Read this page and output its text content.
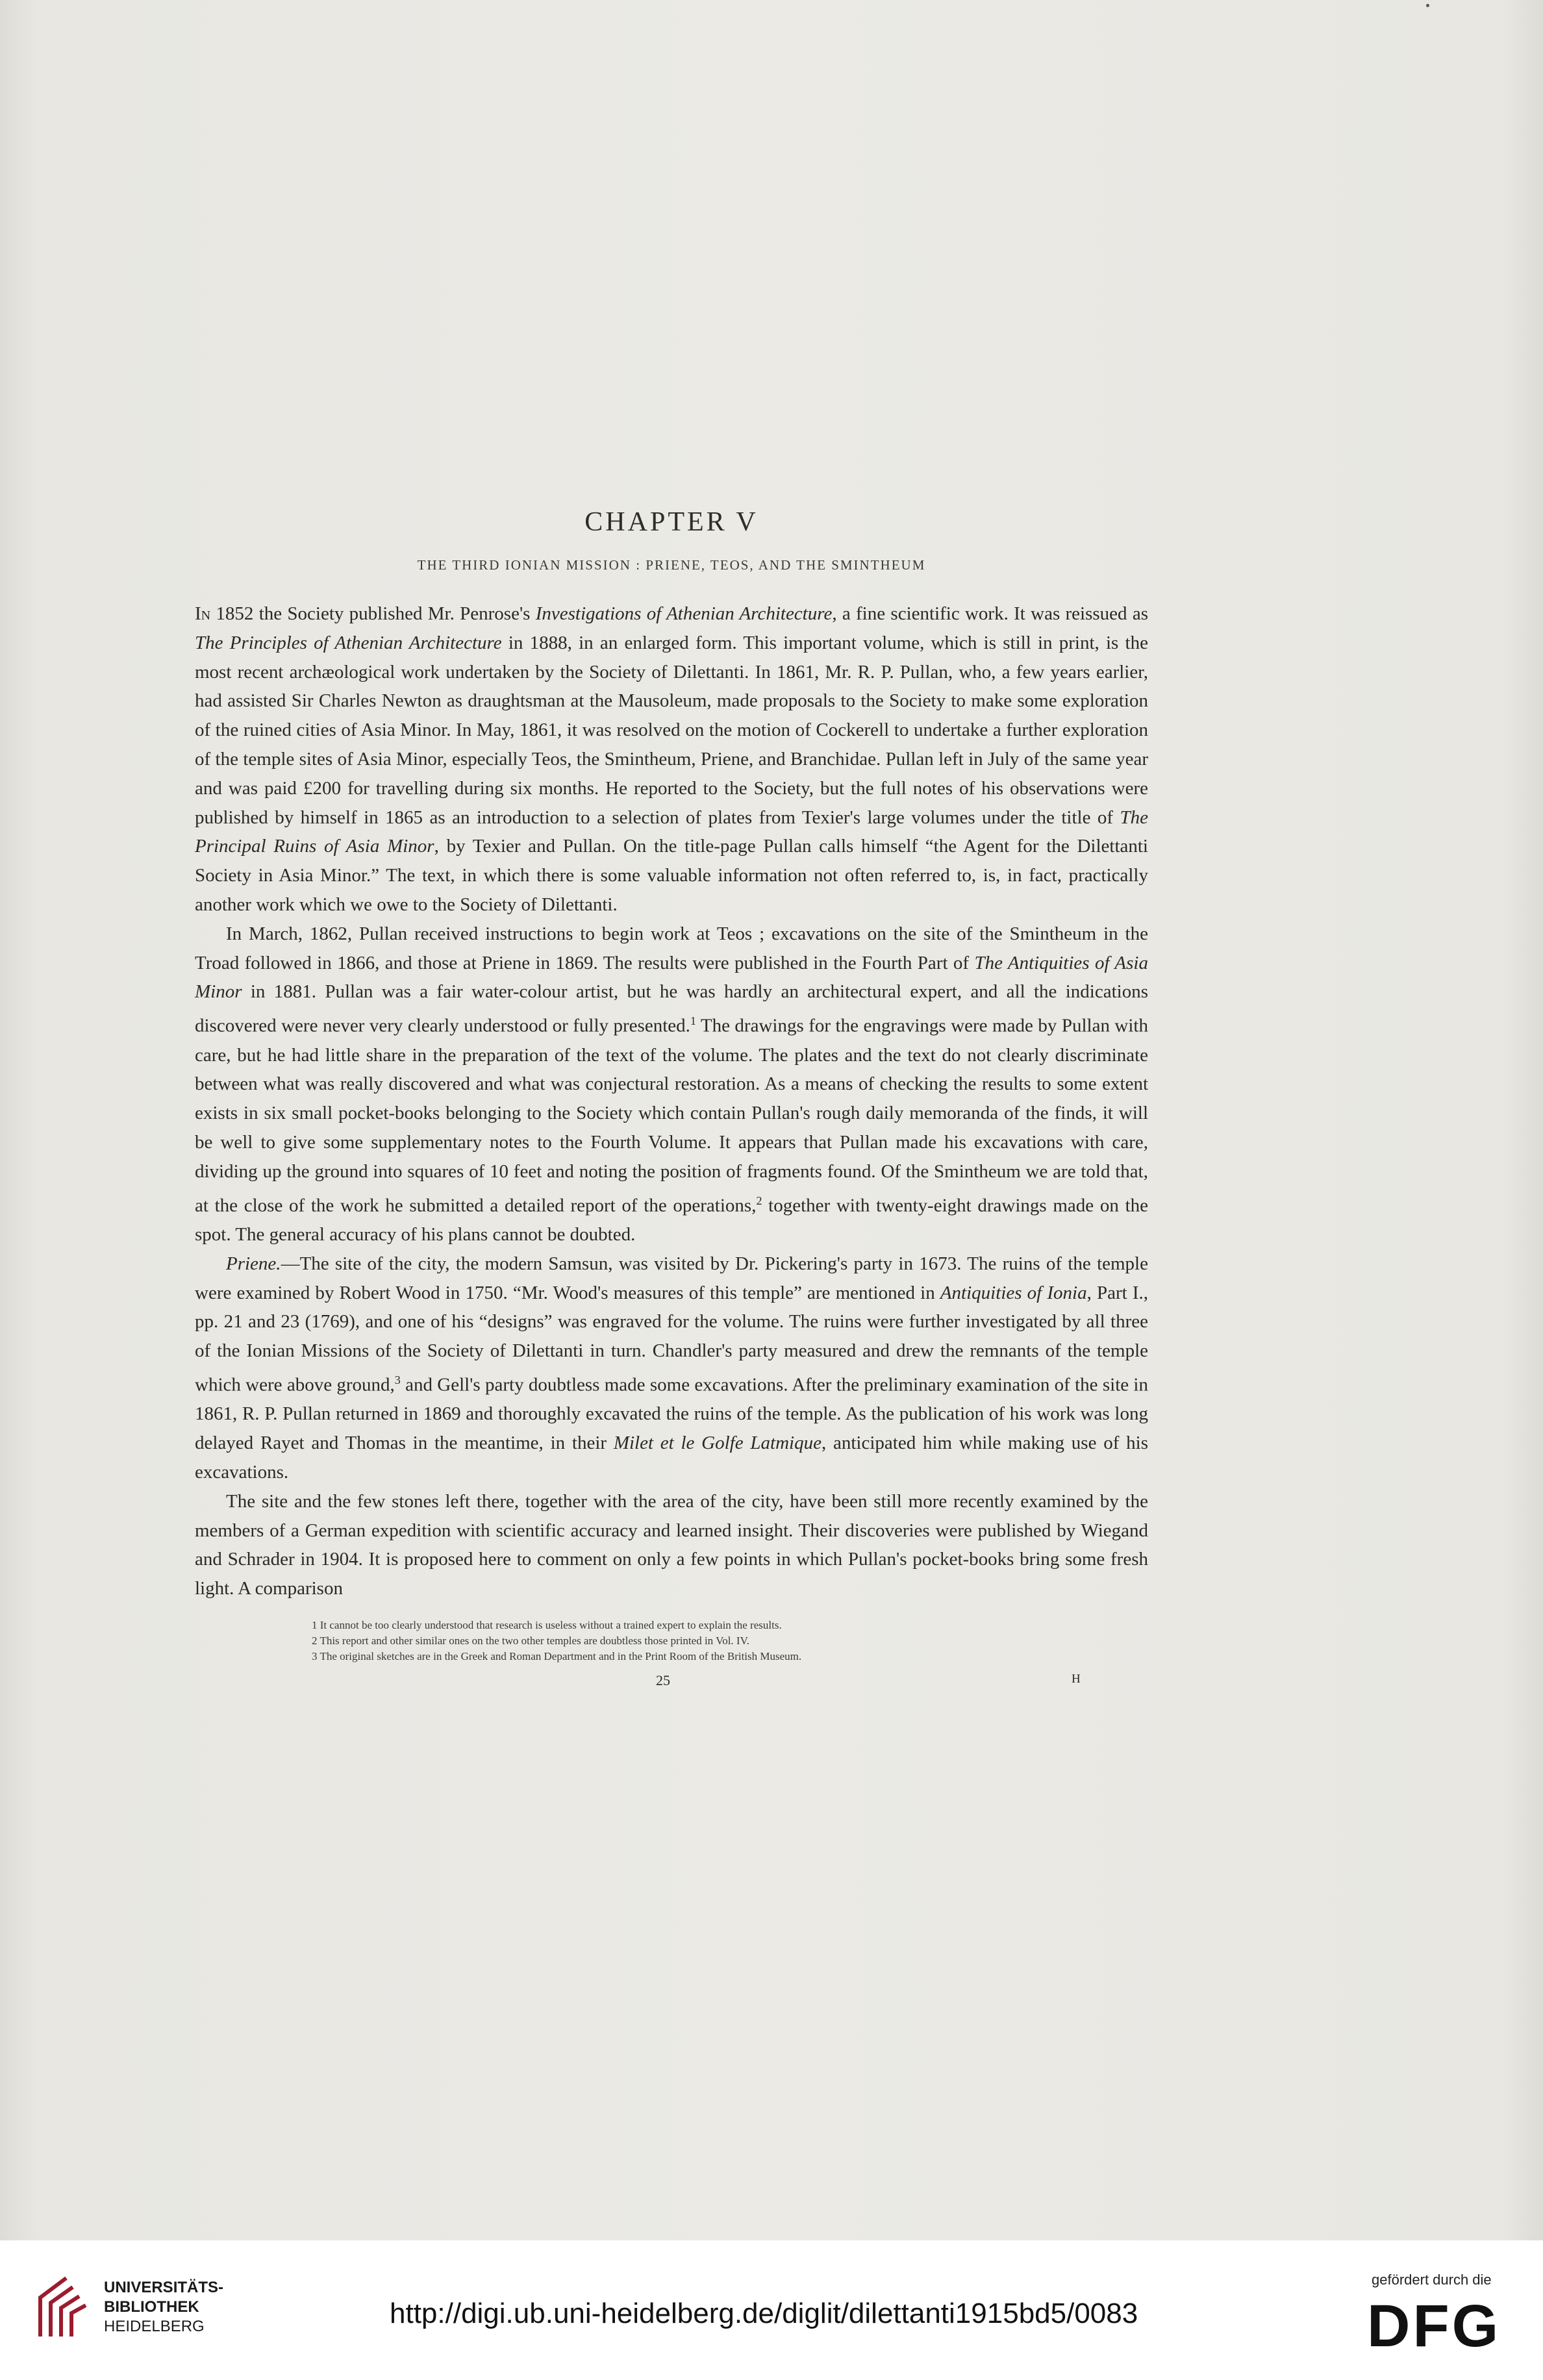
CHAPTER V
THE THIRD IONIAN MISSION : PRIENE, TEOS, AND THE SMINTHEUM

In 1852 the Society published Mr. Penrose's Investigations of Athenian Architecture, a fine scientific work. It was reissued as The Principles of Athenian Architecture in 1888, in an enlarged form. This important volume, which is still in print, is the most recent archæological work undertaken by the Society of Dilettanti. In 1861, Mr. R. P. Pullan, who, a few years earlier, had assisted Sir Charles Newton as draughtsman at the Mausoleum, made proposals to the Society to make some exploration of the ruined cities of Asia Minor. In May, 1861, it was resolved on the motion of Cockerell to undertake a further exploration of the temple sites of Asia Minor, especially Teos, the Smintheum, Priene, and Branchidae. Pullan left in July of the same year and was paid £200 for travelling during six months. He reported to the Society, but the full notes of his observations were published by himself in 1865 as an introduction to a selection of plates from Texier's large volumes under the title of The Principal Ruins of Asia Minor, by Texier and Pullan. On the title-page Pullan calls himself “the Agent for the Dilettanti Society in Asia Minor.” The text, in which there is some valuable information not often referred to, is, in fact, practically another work which we owe to the Society of Dilettanti.

In March, 1862, Pullan received instructions to begin work at Teos ; excavations on the site of the Smintheum in the Troad followed in 1866, and those at Priene in 1869. The results were published in the Fourth Part of The Antiquities of Asia Minor in 1881. Pullan was a fair water-colour artist, but he was hardly an architectural expert, and all the indications discovered were never very clearly understood or fully presented.$^1$ The drawings for the engravings were made by Pullan with care, but he had little share in the preparation of the text of the volume. The plates and the text do not clearly discriminate between what was really discovered and what was conjectural restoration. As a means of checking the results to some extent exists in six small pocket-books belonging to the Society which contain Pullan's rough daily memoranda of the finds, it will be well to give some supplementary notes to the Fourth Volume. It appears that Pullan made his excavations with care, dividing up the ground into squares of 10 feet and noting the position of fragments found. Of the Smintheum we are told that, at the close of the work he submitted a detailed report of the operations,$^2$ together with twenty-eight drawings made on the spot. The general accuracy of his plans cannot be doubted.

Priene.—The site of the city, the modern Samsun, was visited by Dr. Pickering's party in 1673. The ruins of the temple were examined by Robert Wood in 1750. “Mr. Wood's measures of this temple” are mentioned in Antiquities of Ionia, Part I., pp. 21 and 23 (1769), and one of his “designs” was engraved for the volume. The ruins were further investigated by all three of the Ionian Missions of the Society of Dilettanti in turn. Chandler's party measured and drew the remnants of the temple which were above ground,$^3$ and Gell's party doubtless made some excavations. After the preliminary examination of the site in 1861, R. P. Pullan returned in 1869 and thoroughly excavated the ruins of the temple. As the publication of his work was long delayed Rayet and Thomas in the meantime, in their Milet et le Golfe Latmique, anticipated him while making use of his excavations.

The site and the few stones left there, together with the area of the city, have been still more recently examined by the members of a German expedition with scientific accuracy and learned insight. Their discoveries were published by Wiegand and Schrader in 1904. It is proposed here to comment on only a few points in which Pullan's pocket-books bring some fresh light. A comparison

1 It cannot be too clearly understood that research is useless without a trained expert to explain the results.

2 This report and other similar ones on the two other temples are doubtless those printed in Vol. IV.

3 The original sketches are in the Greek and Roman Department and in the Print Room of the British Museum.

25	H
UNIVERSITÄTS-
BIBLIOTHEK
HEIDELBERG	http://digi.ub.uni-heidelberg.de/diglit/dilettanti1915bd5/0083
gefördert durch die
DFG
